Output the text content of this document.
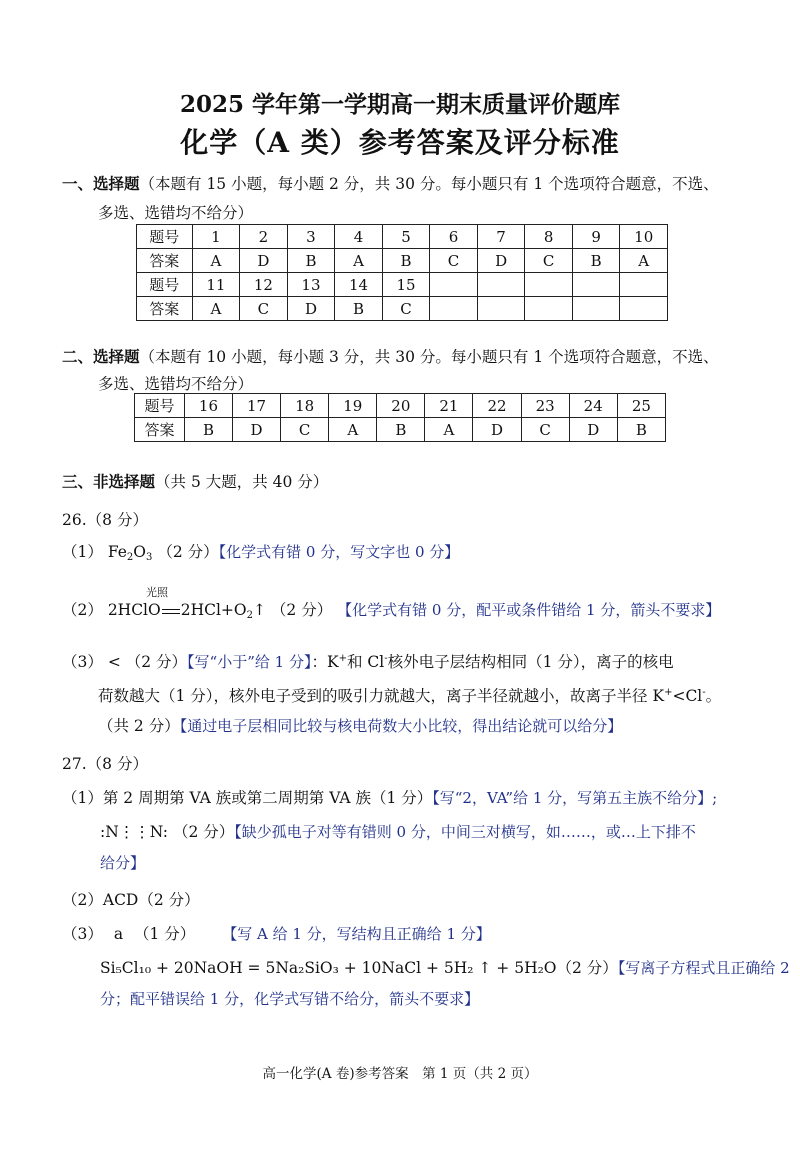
2025 学年第一学期高一期末质量评价题库
化学（A 类）参考答案及评分标准
一、选择题（本题有 15 小题，每小题 2 分，共 30 分。每小题只有 1 个选项符合题意，不选、
多选、选错均不给分）
题号	1	2	3	4	5	6	7	8	9	10
答案	A	D	B	A	B	C	D	C	B	A
题号	11	12	13	14	15					
答案	A	C	D	B	C					
二、选择题（本题有 10 小题，每小题 3 分，共 30 分。每小题只有 1 个选项符合题意，不选、
多选、选错均不给分）
题号	16	17	18	19	20	21	22	23	24	25
答案	B	D	C	A	B	A	D	C	D	B
三、非选择题（共 5 大题，共 40 分）
26.（8 分）
（1） $Fe_2O_3$ （2 分）【化学式有错 0 分，写文字也 0 分】
光照
（2） 2HClO $2HCl+O_2↑$ （2 分） 【化学式有错 0 分，配平或条件错给 1 分，箭头不要求】
（3） < （2 分）【写“小于”给 1 分】：K+和 Cl-核外电子层结构相同（1 分），离子的核电
荷数越大（1 分），核外电子受到的吸引力就越大，离子半径就越小，故离子半径 K+<Cl-。
（共 2 分）【通过电子层相同比较与核电荷数大小比较，得出结论就可以给分】
27.（8 分）
（1）第 2 周期第 VA 族或第二周期第 VA 族（1 分）【写“2，VA”给 1 分，写第五主族不给分】;
:N⋮⋮N: （2 分）【缺少孤电子对等有错则 0 分，中间三对横写，如……，或…上下排不
给分】
（2）ACD（2 分）
（3） a （1 分） 【写 A 给 1 分，写结构且正确给 1 分】
Si₅Cl₁₀ + 20NaOH = 5Na₂SiO₃ + 10NaCl + 5H₂ ↑ + 5H₂O（2 分）【写离子方程式且正确给 2
分；配平错误给 1 分，化学式写错不给分，箭头不要求】
高一化学(A 卷)参考答案　第 1 页（共 2 页）
